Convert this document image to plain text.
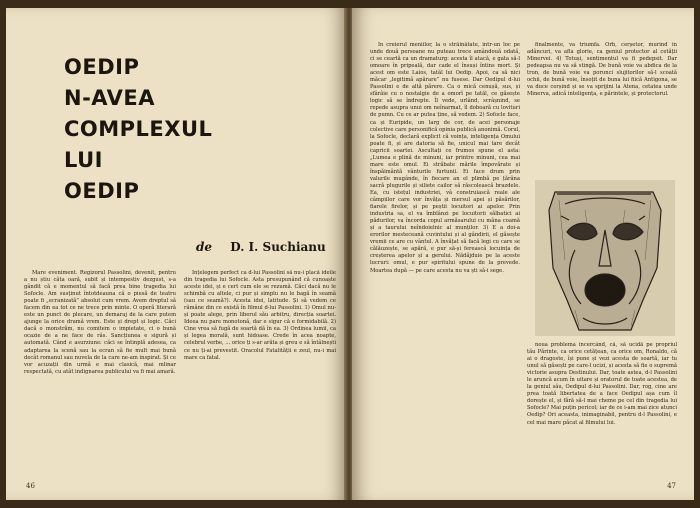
OEDIP
N-AVEA
COMPLEXUL
LUI
OEDIP
de D. I. Suchianu

Mare eveniment. Regizorul Passolini, devenit, pentru a nu știu câta oară, subit și intempestiv dezgust, s-a gândit că e momentul să facă prea bine tragedia lui Sofocle. Am susținut întotdeauna că o piesă de teatru poate fi „ecranizată” absolut cum vrem. Avem dreptul să facem din ea tot ce ne trece prin minte. O operă literară este un punct de plecare, un demaraj de la care putem ajunge la orice dramă vrem. Este și drept și logic. Căci dacă o monstrăm, nu comitem o impietate, ci o bună ocazie de a ne face de râs. Sancțiunea e sigură și automată. Când e asurziune: căci se întinplă adesea, ca adaptarea la scenă sau la ecran să fie mult mai bună decât romanul sau nuvela de la care ne-am inspirat. Și ce vor acuzații din urmă e mai clasică, mai mlinar respectată, cu atât indignarea publicului va fi mai amară.

Înțelegem perfect ca d-lui Passolini să nu-i placă ideile din tragedia lui Sofocle. Asta presupunând că cunoaște aceste idei, și e cert cum ele se rezumă. Căci dacă nu le schimbă cu altele, ci pur și simplu nu le bagă în seamă (sau ce seamă?). Acesta idei, latitude. Și să vedem ce rămâne din ce există în filmul d-lui Passolini. 1) Omul nu-și poate alege, prin liberul său arbitru, direcția soartei. Ideea nu pare monotonă, dar e sigur că e formidabilă. 2) Cine vrea să fugă de soartă dă în ea. 3) Ordinea lumii, ca și legea morală, sunt hidoase. Crede în acea noapte, celebrul verbe, ... orice ți s-ar arăta și greu e să întâlnești ce nu ți-ai prevestit. Oracolul Fatalității e zeul, nu-i mai mare ca fatal.

46

În creierul meniilor, la o străinătate, într-un loc pe unde două persoane nu puteau trece amândouă odată, ci se ceartă ca un dramaturg: acesta îl atacă, e gata să-l omoare în pripeală, dar cade el însuși întins mort. Și acest om este Laios, tatăl lui Oedip. Apoi, ca să nici măcar „legitimă apărare” nu fusese. Dar Oedipul d-lui Passolini e de altă părere. Ca o mică cenușă, sus, și sfârâie cu o nostalgie de a omorî pe tatăl, ce găsește logic să se îndrepte. Îl vede, urlând, scrâșnind, se repede asupra unui om neînarmat, îl doboară cu lovituri de pumn. Cu ce ar putea ține, să vedem. 2) Sofocle face, ca și Euripide, un larg de cor, de acei personaje colective care personifică opinia publică anonimă. Corul, la Sofocle, declară explicit că voința, inteligența Omului poate fi, și are datoria să fie, unicul mai tare decât capricii soartei. Ascultați ce frumos spune el asta: „Lumea e plină de minuni, iar printre minuni, cea mai mare este omul. Ei străbate mările împovărate și înspăimântă vânturile furtunii. Ei face drum prin valurile mugânde, în fiecare an el plimbă pe țărâna sacră plugurile și siliete cailor să răscolească brazdele. Ea, cu istețul industriei, vâ construiască reale ale câmpiilor care vor învăța și mersul apei și păsărilor, fiarele firelor, și pe peștii locuitori ai apelor. Prin industria sa, el va îmblânzi pe locuitorii sălbatici ai pădurilor, va încorda copul armăsarului cu mâna coamă și a taurului neîndoielnic al munților. 3) E a doi-a erorilor mesteceană cuvintului și al gândirii, el găsește vremii ce are cu vântul. A învățat să facă legi cu care se călăuzește, se apără, e pur să-și ferească locuința de creșterea apelor și a gerului. Nădăjduie pe la aceste lucruri: omul, e pur spiritului spune de la prevede. Moartea după — pe care acesta nu va ști să-i sege.

finalmente, va triumfa. Orb, cerșetor, murind în adâncuri, va afla glorie, ca geniul protector al cetății Minervei. 4) Totuși, sentimentul va fi pedepsit. Dar pedeapsa nu va să stingă. De bună voie va abdica de la tron, de bună voie va porunci slujitorilor să-l scoată ochii, de bună voie, însoțit de buna lui fiică Antigona, se va duce cerșind și se va sprijini la Atena, cetatea unde Minerva, adică inteligența, e părintele, și protectorul.

noua problema încercând, că, să ucidă pe propriul tău Părinte, ca orice cetățean, ca orice om, Ronaldo, că ai o dragoste, își pune și vezi acesta de soartă, iar tu unul să găsești pe care-l ucizi, și acesta să fie o supremă victorie asupra Destinului. Dar, toate astea, d-l Passolini le aruncă acum în uitare și oratorul de toate acestea, de la geniul său, Oedipul d-lui Passolini. Dar, rog, cine are prea toată libertatea de a face Oedipul așa cum îl dorește el, și fără să-l mai cheme pe cel din tragedia lui Sofocle? Mai puțin pericol; iar de ce i-am mai zice atunci Oedip? Ori aceasta, inimaginabil, pentru d-l Passolini, e cel mai mare păcat al filmului lui.

47
